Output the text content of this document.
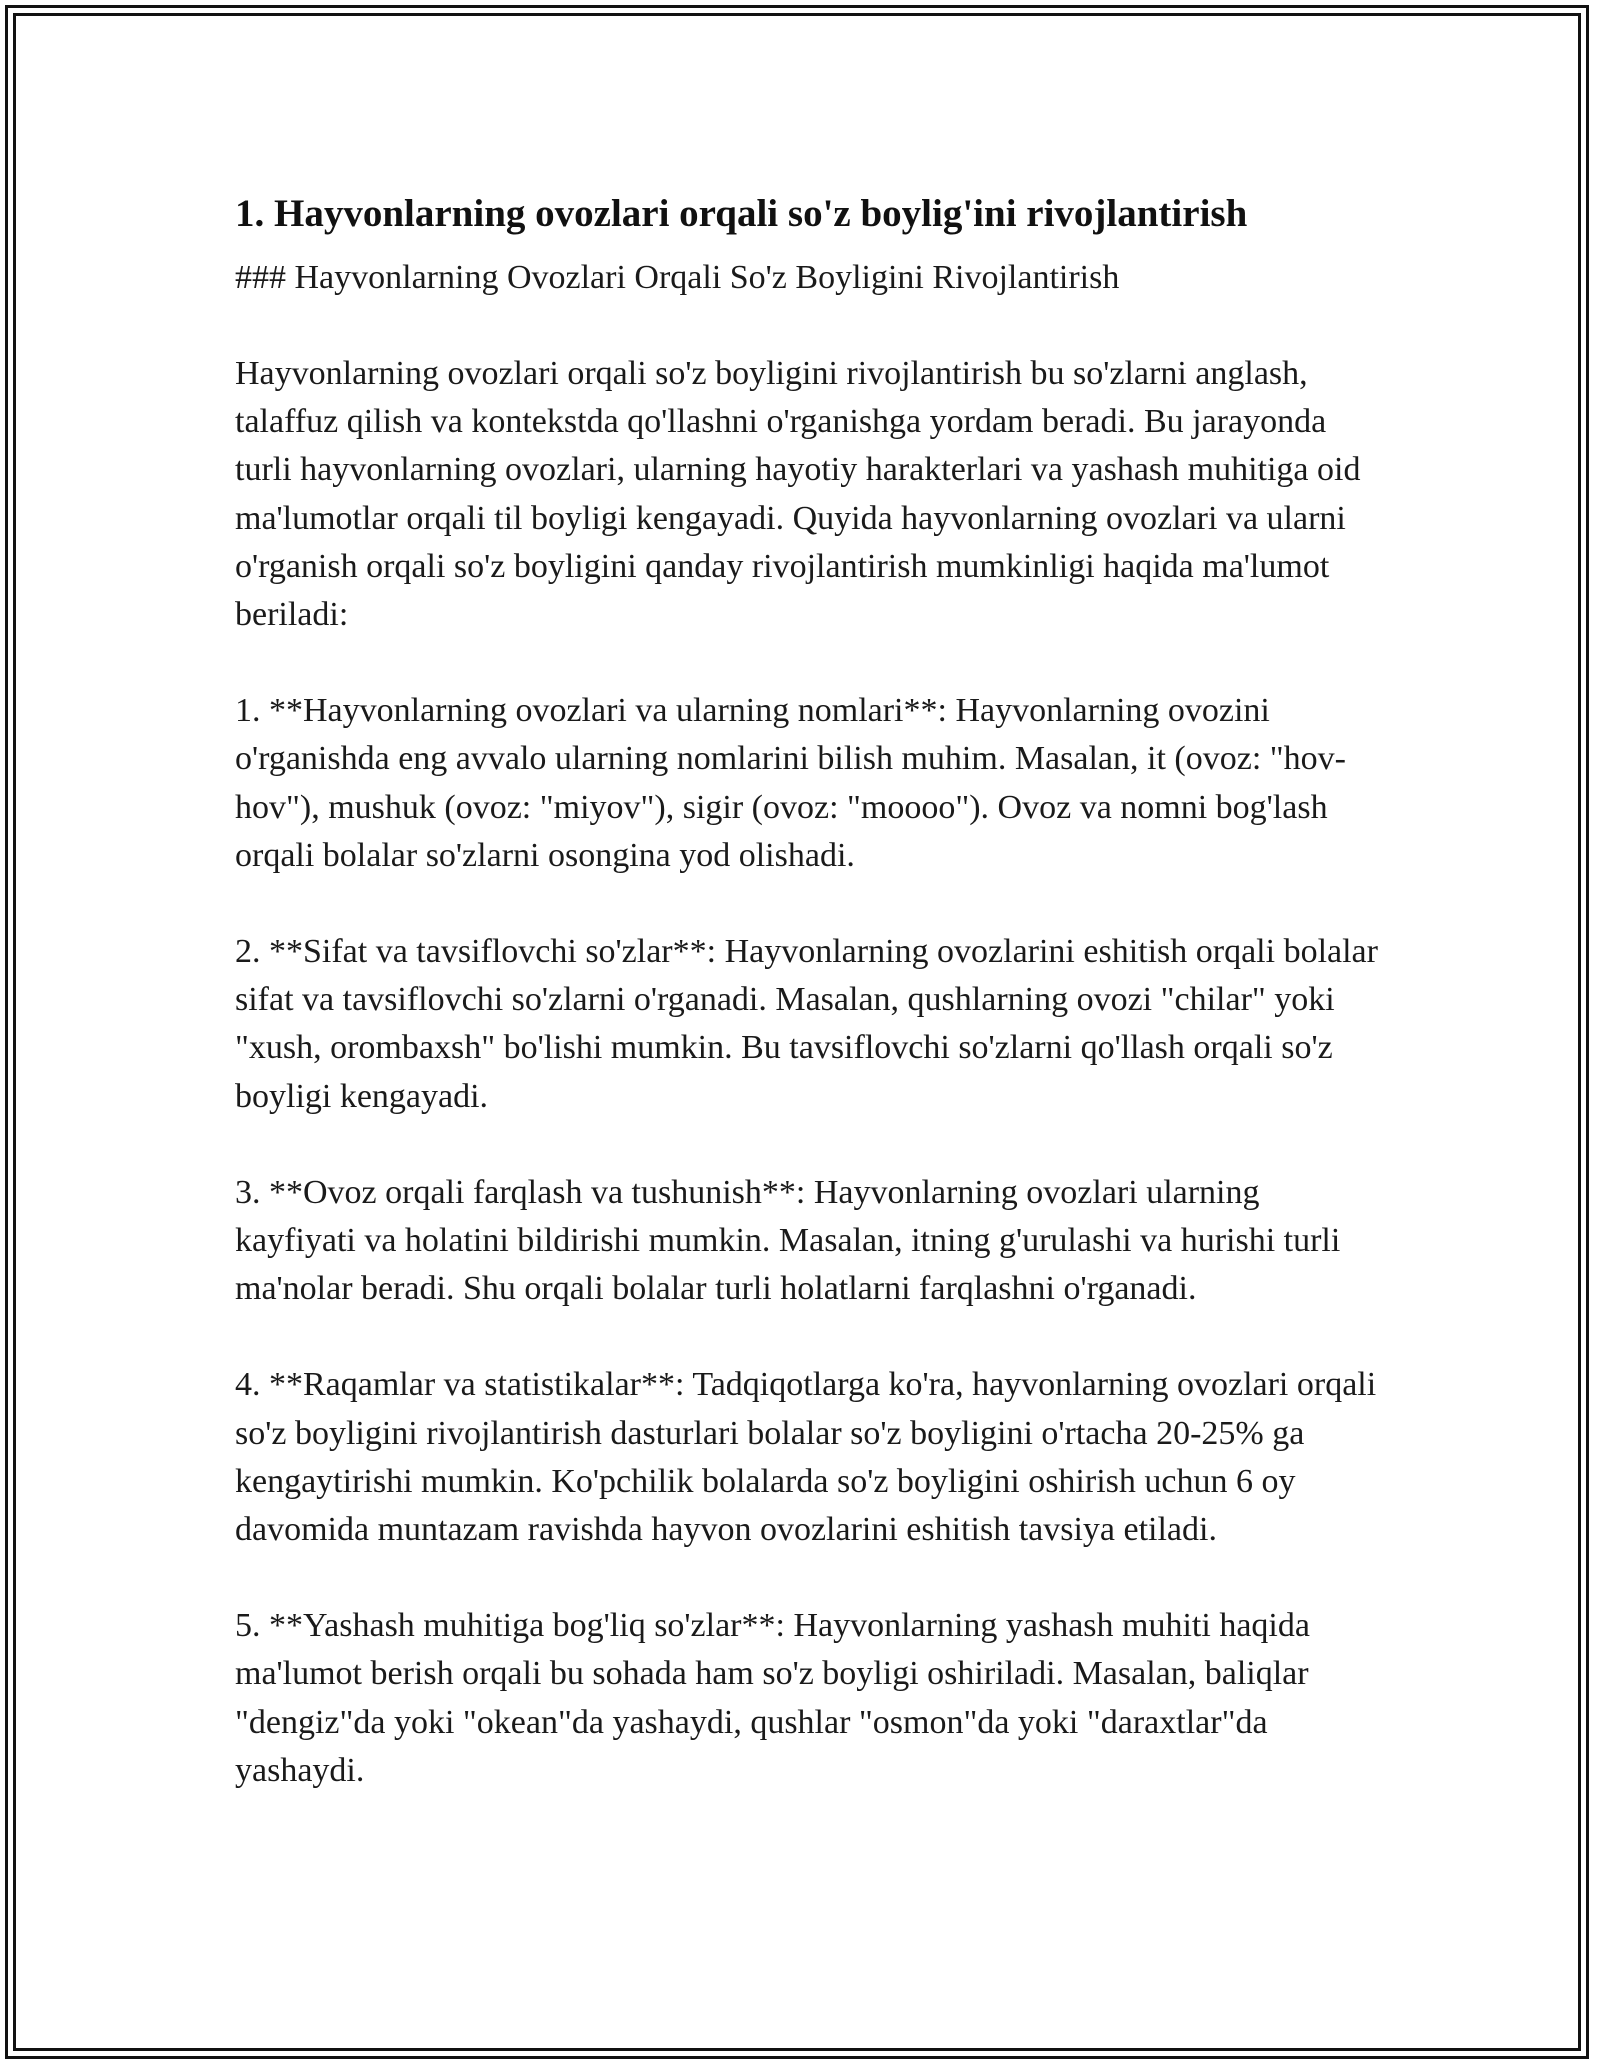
1. Hayvonlarning ovozlari orqali so'z boylig'ini rivojlantirish

### Hayvonlarning Ovozlari Orqali So'z Boyligini Rivojlantirish

Hayvonlarning ovozlari orqali so'z boyligini rivojlantirish bu so'zlarni anglash, talaffuz qilish va kontekstda qo'llashni o'rganishga yordam beradi. Bu jarayonda turli hayvonlarning ovozlari, ularning hayotiy harakterlari va yashash muhitiga oid ma'lumotlar orqali til boyligi kengayadi. Quyida hayvonlarning ovozlari va ularni o'rganish orqali so'z boyligini qanday rivojlantirish mumkinligi haqida ma'lumot beriladi:

1. **Hayvonlarning ovozlari va ularning nomlari**: Hayvonlarning ovozini o'rganishda eng avvalo ularning nomlarini bilish muhim. Masalan, it (ovoz: "hov-hov"), mushuk (ovoz: "miyov"), sigir (ovoz: "moooo"). Ovoz va nomni bog'lash orqali bolalar so'zlarni osongina yod olishadi.

2. **Sifat va tavsiflovchi so'zlar**: Hayvonlarning ovozlarini eshitish orqali bolalar sifat va tavsiflovchi so'zlarni o'rganadi. Masalan, qushlarning ovozi "chilar" yoki "xush, orombaxsh" bo'lishi mumkin. Bu tavsiflovchi so'zlarni qo'llash orqali so'z boyligi kengayadi.

3. **Ovoz orqali farqlash va tushunish**: Hayvonlarning ovozlari ularning kayfiyati va holatini bildirishi mumkin. Masalan, itning g'urulashi va hurishi turli ma'nolar beradi. Shu orqali bolalar turli holatlarni farqlashni o'rganadi.

4. **Raqamlar va statistikalar**: Tadqiqotlarga ko'ra, hayvonlarning ovozlari orqali so'z boyligini rivojlantirish dasturlari bolalar so'z boyligini o'rtacha 20-25% ga kengaytirishi mumkin. Ko'pchilik bolalarda so'z boyligini oshirish uchun 6 oy davomida muntazam ravishda hayvon ovozlarini eshitish tavsiya etiladi.

5. **Yashash muhitiga bog'liq so'zlar**: Hayvonlarning yashash muhiti haqida ma'lumot berish orqali bu sohada ham so'z boyligi oshiriladi. Masalan, baliqlar "dengiz"da yoki "okean"da yashaydi, qushlar "osmon"da yoki "daraxtlar"da yashaydi.
